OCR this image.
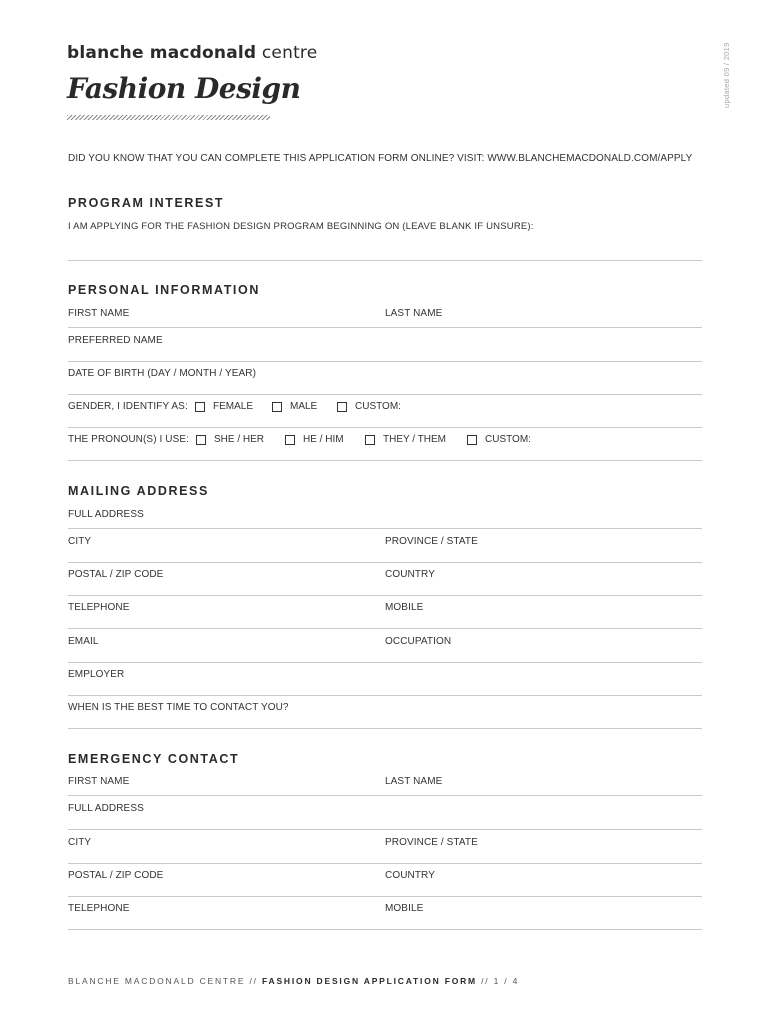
blanche macdonald centre
Fashion Design	updated 09 / 2019
DID YOU KNOW THAT YOU CAN COMPLETE THIS APPLICATION FORM ONLINE? VISIT: WWW.BLANCHEMACDONALD.COM/APPLY
PROGRAM INTEREST
I AM APPLYING FOR THE FASHION DESIGN PROGRAM BEGINNING ON (LEAVE BLANK IF UNSURE):
PERSONAL INFORMATION
FIRST NAME	LAST NAME
PREFERRED NAME
DATE OF BIRTH (DAY / MONTH / YEAR)
GENDER, I IDENTIFY AS:	FEMALE	MALE	CUSTOM:
THE PRONOUN(S) I USE:	SHE / HER	HE / HIM	THEY / THEM	CUSTOM:
MAILING ADDRESS
FULL ADDRESS
CITY	PROVINCE / STATE
POSTAL / ZIP CODE	COUNTRY
TELEPHONE	MOBILE
EMAIL	OCCUPATION
EMPLOYER
WHEN IS THE BEST TIME TO CONTACT YOU?
EMERGENCY CONTACT
FIRST NAME	LAST NAME
FULL ADDRESS
CITY	PROVINCE / STATE
POSTAL / ZIP CODE	COUNTRY
TELEPHONE	MOBILE
BLANCHE MACDONALD CENTRE // FASHION DESIGN APPLICATION FORM // 1 / 4
